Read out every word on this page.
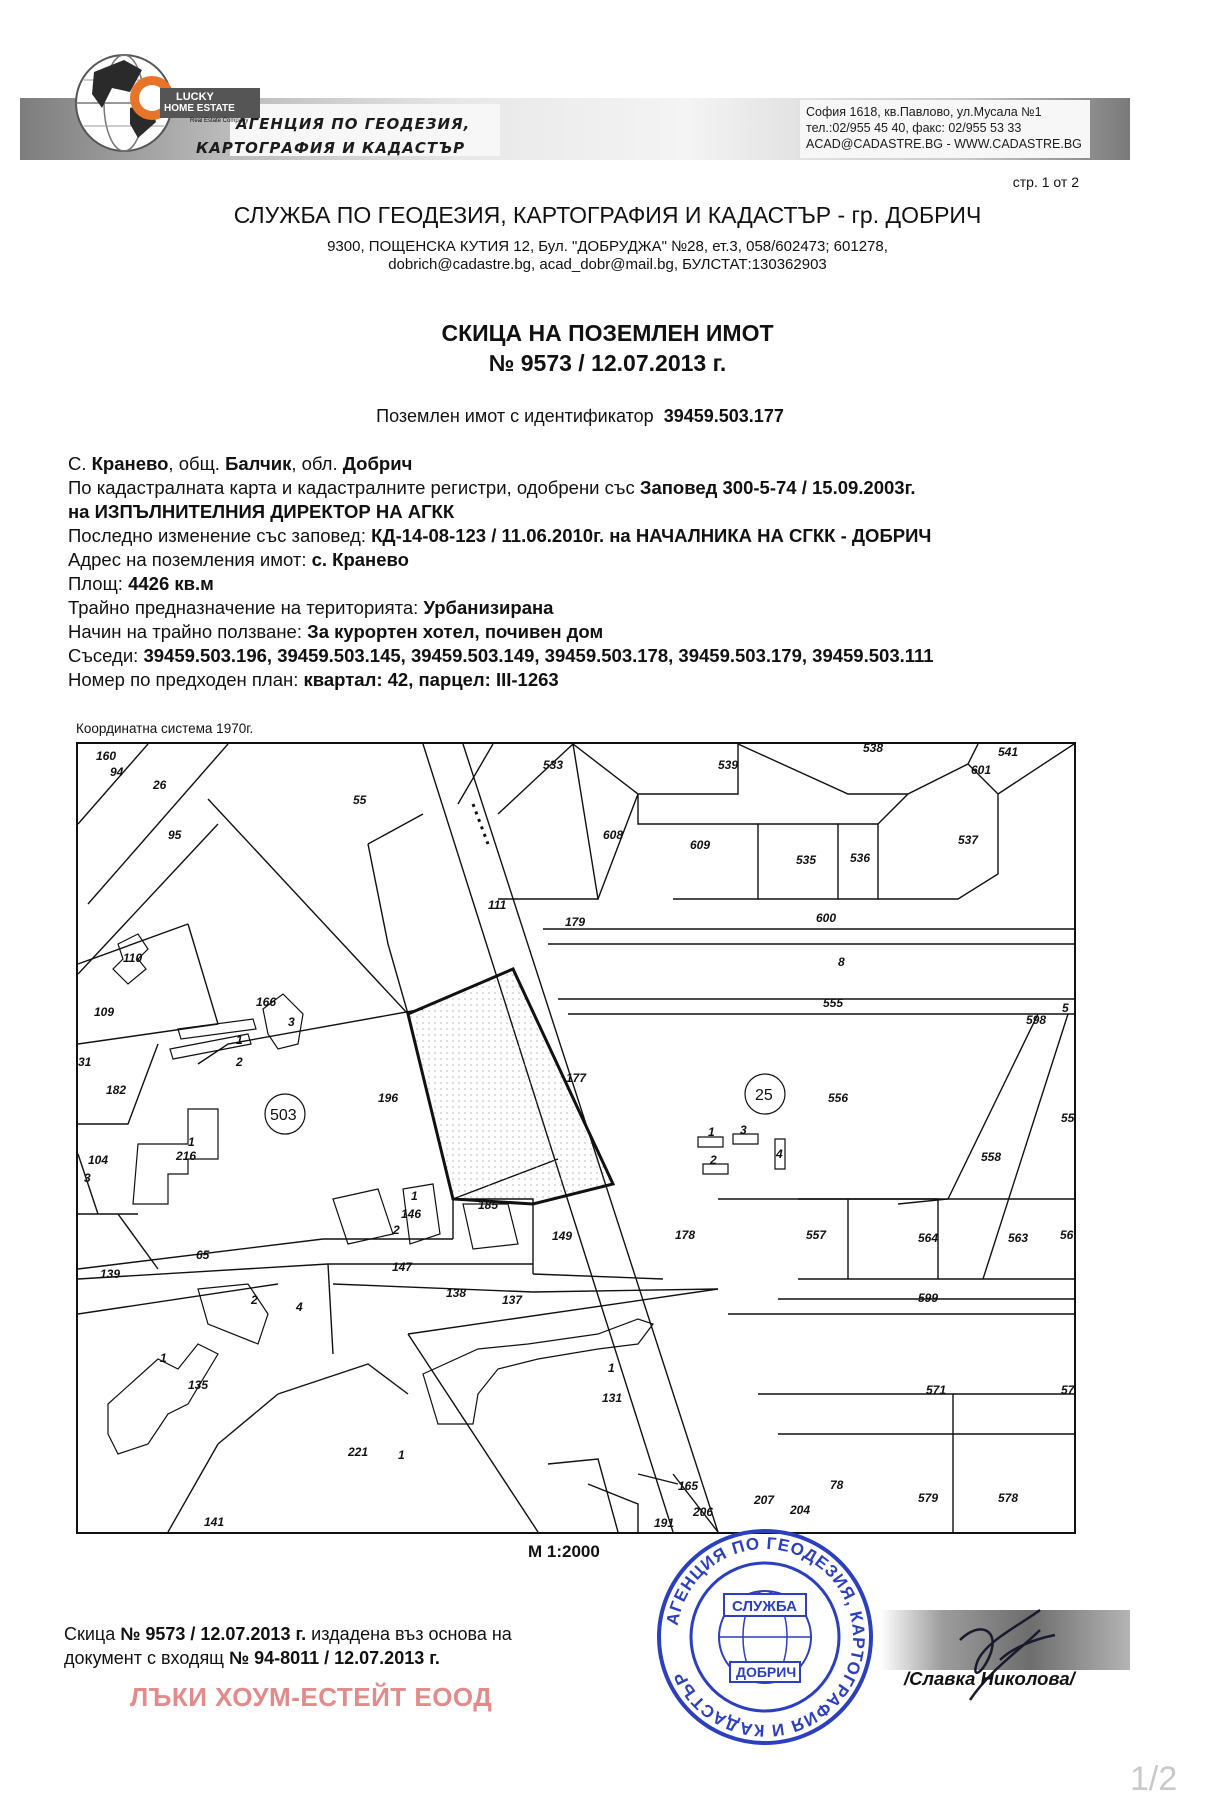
LUCKY
HOME ESTATE
Real Estate Company
АГЕНЦИЯ ПО ГЕОДЕЗИЯ,
КАРТОГРАФИЯ И КАДАСТЪР
София 1618, кв.Павлово, ул.Мусала №1
тел.:02/955 45 40, факс: 02/955 53 33
ACAD@CADASTRE.BG - WWW.CADASTRE.BG
стр. 1 от 2
СЛУЖБА ПО ГЕОДЕЗИЯ, КАРТОГРАФИЯ И КАДАСТЪР - гр. ДОБРИЧ
9300, ПОЩЕНСКА КУТИЯ 12, Бул. "ДОБРУДЖА" №28, ет.3, 058/602473; 601278,
dobrich@cadastre.bg, acad_dobr@mail.bg, БУЛСТАТ:130362903
СКИЦА НА ПОЗЕМЛЕН ИМОТ
№ 9573 / 12.07.2013 г.
Поземлен имот с идентификатор 39459.503.177
С. Кранево, общ. Балчик, обл. Добрич
По кадастралната карта и кадастралните регистри, одобрени със Заповед 300-5-74 / 15.09.2003г.
на ИЗПЪЛНИТЕЛНИЯ ДИРЕКТОР НА АГКК
Последно изменение със заповед: КД-14-08-123 / 11.06.2010г. на НАЧАЛНИКА НА СГКК - ДОБРИЧ
Адрес на поземления имот: с. Кранево
Площ: 4426 кв.м
Трайно предназначение на територията: Урбанизирана
Начин на трайно ползване: За курортен хотел, почивен дом
Съседи: 39459.503.196, 39459.503.145, 39459.503.149, 39459.503.178, 39459.503.179, 39459.503.111
Номер по предходен план: квартал: 42, парцел: III-1263
Координатна система 1970г.
503
25
160
94
26
95
55
533	539
538	541
601
608
609
535	536
537
111
179	600
8
555
598
110
109
166
3
2
182
196
177
556
1
216
104	558
146
185
149	178	557	564	563
65
147
139
138	137	599
2	4
1
135
1
131
571
221 1
165
207
204
78
141	191
206
579	578
56
55
57
5
31
3
1
2
1 3
2	4
1
М 1:2000
Скица № 9573 / 12.07.2013 г. издадена въз основа на
документ с входящ № 94-8011 / 12.07.2013 г.
ЛЪКИ ХОУМ-ЕСТЕЙТ ЕООД
АГЕНЦИЯ ПО ГЕОДЕЗИЯ, КАРТОГРАФИЯ И КАДАСТЪР
СЛУЖБА
ДОБРИЧ	/Славка Николова/
1/2
